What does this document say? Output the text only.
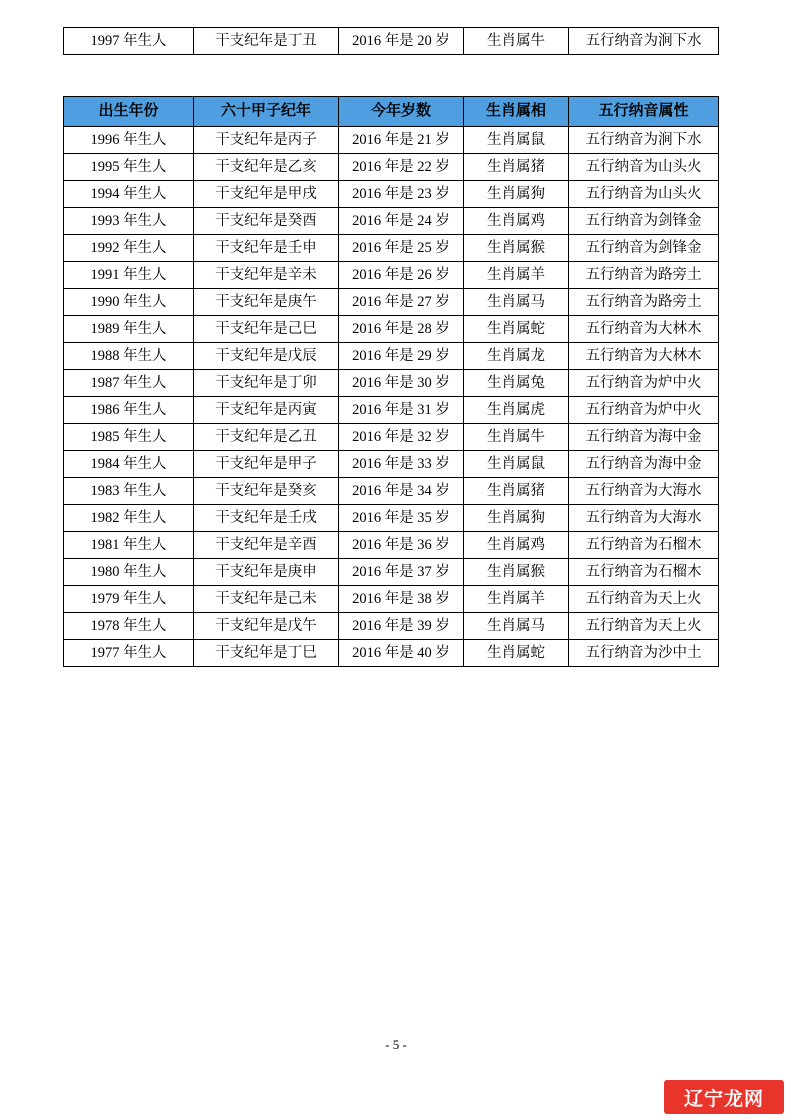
1997 年生人	干支纪年是丁丑	2016 年是 20 岁	生肖属牛	五行纳音为涧下水
出生年份	六十甲子纪年	今年岁数	生肖属相	五行纳音属性
1996 年生人	干支纪年是丙子	2016 年是 21 岁	生肖属鼠	五行纳音为涧下水
1995 年生人	干支纪年是乙亥	2016 年是 22 岁	生肖属猪	五行纳音为山头火
1994 年生人	干支纪年是甲戌	2016 年是 23 岁	生肖属狗	五行纳音为山头火
1993 年生人	干支纪年是癸酉	2016 年是 24 岁	生肖属鸡	五行纳音为剑锋金
1992 年生人	干支纪年是壬申	2016 年是 25 岁	生肖属猴	五行纳音为剑锋金
1991 年生人	干支纪年是辛未	2016 年是 26 岁	生肖属羊	五行纳音为路旁土
1990 年生人	干支纪年是庚午	2016 年是 27 岁	生肖属马	五行纳音为路旁土
1989 年生人	干支纪年是己巳	2016 年是 28 岁	生肖属蛇	五行纳音为大林木
1988 年生人	干支纪年是戊辰	2016 年是 29 岁	生肖属龙	五行纳音为大林木
1987 年生人	干支纪年是丁卯	2016 年是 30 岁	生肖属兔	五行纳音为炉中火
1986 年生人	干支纪年是丙寅	2016 年是 31 岁	生肖属虎	五行纳音为炉中火
1985 年生人	干支纪年是乙丑	2016 年是 32 岁	生肖属牛	五行纳音为海中金
1984 年生人	干支纪年是甲子	2016 年是 33 岁	生肖属鼠	五行纳音为海中金
1983 年生人	干支纪年是癸亥	2016 年是 34 岁	生肖属猪	五行纳音为大海水
1982 年生人	干支纪年是壬戌	2016 年是 35 岁	生肖属狗	五行纳音为大海水
1981 年生人	干支纪年是辛酉	2016 年是 36 岁	生肖属鸡	五行纳音为石榴木
1980 年生人	干支纪年是庚申	2016 年是 37 岁	生肖属猴	五行纳音为石榴木
1979 年生人	干支纪年是己未	2016 年是 38 岁	生肖属羊	五行纳音为天上火
1978 年生人	干支纪年是戊午	2016 年是 39 岁	生肖属马	五行纳音为天上火
1977 年生人	干支纪年是丁巳	2016 年是 40 岁	生肖属蛇	五行纳音为沙中土
- 5 -
辽宁龙网
